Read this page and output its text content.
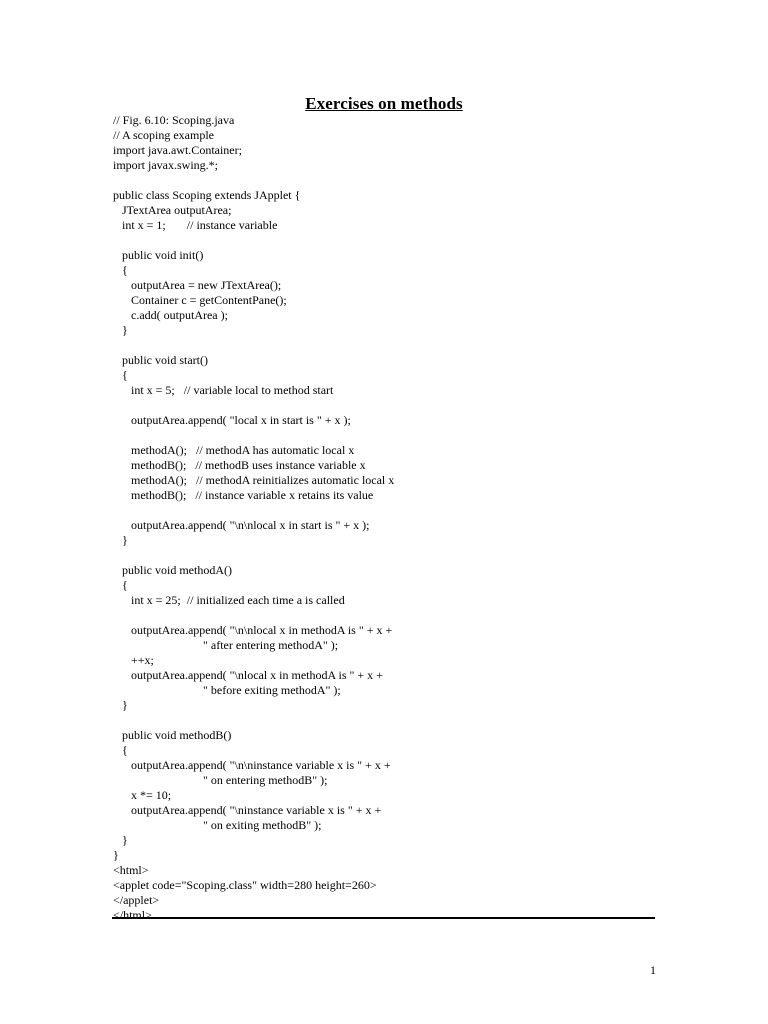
Exercises on methods
// Fig. 6.10: Scoping.java
// A scoping example
import java.awt.Container;
import javax.swing.*;
public class Scoping extends JApplet {
JTextArea outputArea;
int x = 1;       // instance variable
public void init()
{
outputArea = new JTextArea();
Container c = getContentPane();
c.add( outputArea );
}
public void start()
{
int x = 5;   // variable local to method start
outputArea.append( "local x in start is " + x );
methodA();   // methodA has automatic local x
methodB();   // methodB uses instance variable x
methodA();   // methodA reinitializes automatic local x
methodB();   // instance variable x retains its value
outputArea.append( "\n\nlocal x in start is " + x );
}
public void methodA()
{
int x = 25;  // initialized each time a is called
outputArea.append( "\n\nlocal x in methodA is " + x +
" after entering methodA" );
++x;
outputArea.append( "\nlocal x in methodA is " + x +
" before exiting methodA" );
}
public void methodB()
{
outputArea.append( "\n\ninstance variable x is " + x +
" on entering methodB" );
x *= 10;
outputArea.append( "\ninstance variable x is " + x +
" on exiting methodB" );
}
}
<html>
<applet code="Scoping.class" width=280 height=260>
</applet>
</html>
1
